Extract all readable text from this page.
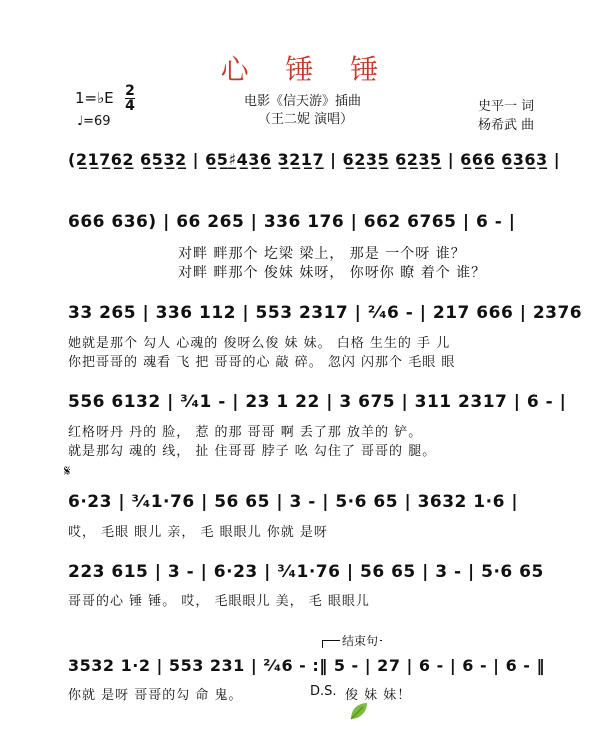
心 锤 锤
1=♭E 2
4
♩=69
电影《信天游》插曲
（王二妮 演唱）
史平一 词
杨希武 曲
(2̲1̲7̲6̲2̲ 6̲5̲3̲2̲ | 6̲5̲♯̲4̲3̲6̲ 3̲2̲1̲7̲ | 6̲2̲3̲5̲ 6̲2̲3̲5̲ | 6̲6̲6̲ 6̲3̲6̲3̲ |
666 636) | 66 265 | 336 176 | 662 6765 | 6 - |
对畔 畔那个 圪梁 梁上， 那是 一个呀 谁？
对畔 畔那个 俊妹 妹呀， 你呀你 瞭 着个 谁？
33 265 | 336 112 | 553 2317 | ²⁄₄6 - | 217 666 | 2376
她就是那个 勾人 心魂的 俊呀么俊 妹 妹。 白格 生生的 手 儿
你把哥哥的 魂看 飞 把 哥哥的心 敲 碎。 忽闪 闪那个 毛眼 眼
556 6132 | ³⁄₄1 - | 23 1 22 | 3 675 | 311 2317 | 6 - |
红格呀丹 丹的 脸， 惹 的那 哥哥 啊 丢了那 放羊的 铲。
就是那勾 魂的 线， 扯 住哥哥 脖子 吆 勾住了 哥哥的 腿。
𝄋
6·23 | ³⁄₄1·76 | 56 65 | 3 - | 5·6 65 | 3632 1·6 |
哎， 毛眼 眼儿 亲， 毛 眼眼儿 你就 是呀
223 615 | 3 - | 6·23 | ³⁄₄1·76 | 56 65 | 3 - | 5·6 65
哥哥的心 锤 锤。 哎， 毛眼眼儿 美， 毛 眼眼儿
结束句
3532 1·2 | 553 231 | ²⁄₄6 - :‖ 5 - | 27 | 6 - | 6 - | 6 - ‖
你就 是呀 哥哥的勾 命 鬼。	D.S. 俊 妹 妹！
